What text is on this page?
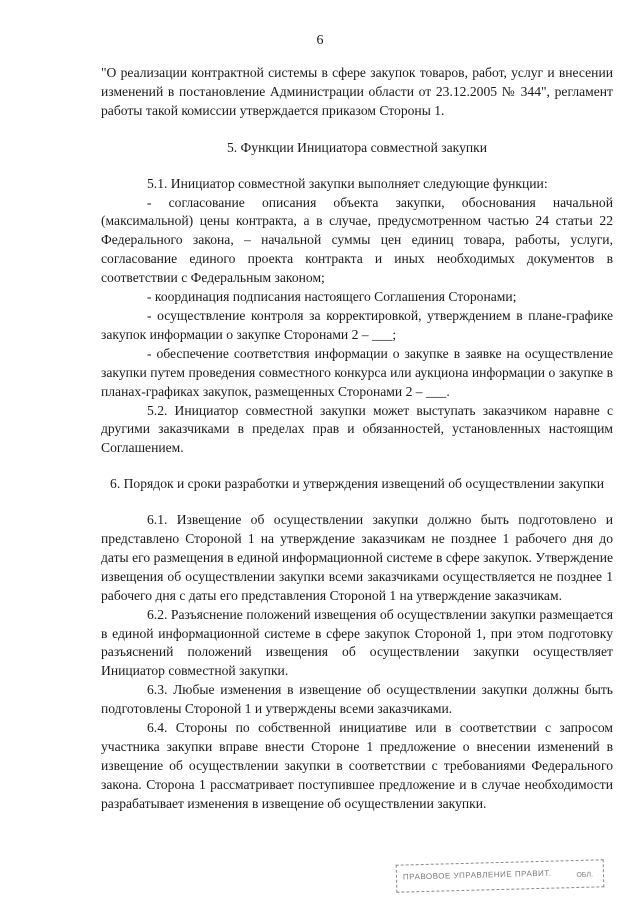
6

"О реализации контрактной системы в сфере закупок товаров, работ, услуг и внесении изменений в постановление Администрации области от 23.12.2005 № 344", регламент работы такой комиссии утверждается приказом Стороны 1.

5. Функции Инициатора совместной закупки

5.1. Инициатор совместной закупки выполняет следующие функции:

- согласование описания объекта закупки, обоснования начальной (максимальной) цены контракта, а в случае, предусмотренном частью 24 статьи 22 Федерального закона, – начальной суммы цен единиц товара, работы, услуги, согласование единого проекта контракта и иных необходимых документов в соответствии с Федеральным законом;

- координация подписания настоящего Соглашения Сторонами;

- осуществление контроля за корректировкой, утверждением в плане-графике закупок информации о закупке Сторонами 2 – ___;

- обеспечение соответствия информации о закупке в заявке на осуществление закупки путем проведения совместного конкурса или аукциона информации о закупке в планах-графиках закупок, размещенных Сторонами 2 – ___.

5.2. Инициатор совместной закупки может выступать заказчиком наравне с другими заказчиками в пределах прав и обязанностей, установленных настоящим Соглашением.

6. Порядок и сроки разработки и утверждения извещений об осуществлении закупки

6.1. Извещение об осуществлении закупки должно быть подготовлено и представлено Стороной 1 на утверждение заказчикам не позднее 1 рабочего дня до даты его размещения в единой информационной системе в сфере закупок. Утверждение извещения об осуществлении закупки всеми заказчиками осуществляется не позднее 1 рабочего дня с даты его представления Стороной 1 на утверждение заказчикам.

6.2. Разъяснение положений извещения об осуществлении закупки размещается в единой информационной системе в сфере закупок Стороной 1, при этом подготовку разъяснений положений извещения об осуществлении закупки осуществляет Инициатор совместной закупки.

6.3. Любые изменения в извещение об осуществлении закупки должны быть подготовлены Стороной 1 и утверждены всеми заказчиками.

6.4. Стороны по собственной инициативе или в соответствии с запросом участника закупки вправе внести Стороне 1 предложение о внесении изменений в извещение об осуществлении закупки в соответствии с требованиями Федерального закона. Сторона 1 рассматривает поступившее предложение и в случае необходимости разрабатывает изменения в извещение об осуществлении закупки.

ПРАВОВОЕ УПРАВЛЕНИЕ ПРАВИТ.	ОБЛ.
